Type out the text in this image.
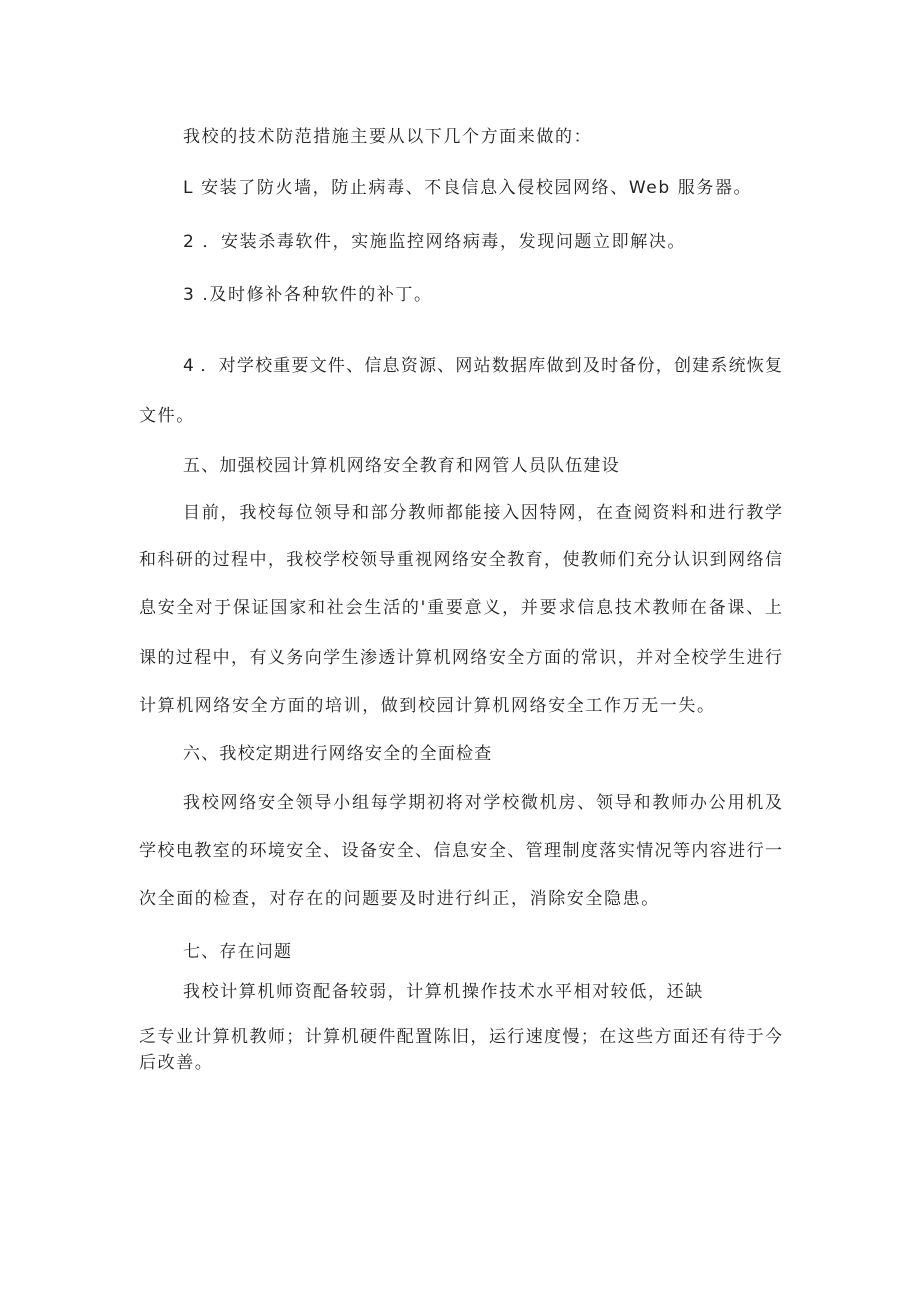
我校的技术防范措施主要从以下几个方面来做的：
L 安装了防火墙，防止病毒、不良信息入侵校园网络、Web 服务器。
2 ．安装杀毒软件，实施监控网络病毒，发现问题立即解决。
3 .及时修补各种软件的补丁。
4 ．对学校重要文件、信息资源、网站数据库做到及时备份，创建系统恢复
文件。
五、加强校园计算机网络安全教育和网管人员队伍建设
目前，我校每位领导和部分教师都能接入因特网，在查阅资料和进行教学
和科研的过程中，我校学校领导重视网络安全教育，使教师们充分认识到网络信
息安全对于保证国家和社会生活的'重要意义，并要求信息技术教师在备课、上
课的过程中，有义务向学生渗透计算机网络安全方面的常识，并对全校学生进行
计算机网络安全方面的培训，做到校园计算机网络安全工作万无一失。
六、我校定期进行网络安全的全面检查
我校网络安全领导小组每学期初将对学校微机房、领导和教师办公用机及
学校电教室的环境安全、设备安全、信息安全、管理制度落实情况等内容进行一
次全面的检查，对存在的问题要及时进行纠正，消除安全隐患。
七、存在问题
我校计算机师资配备较弱，计算机操作技术水平相对较低，还缺
乏专业计算机教师；计算机硬件配置陈旧，运行速度慢；在这些方面还有待于今
后改善。
